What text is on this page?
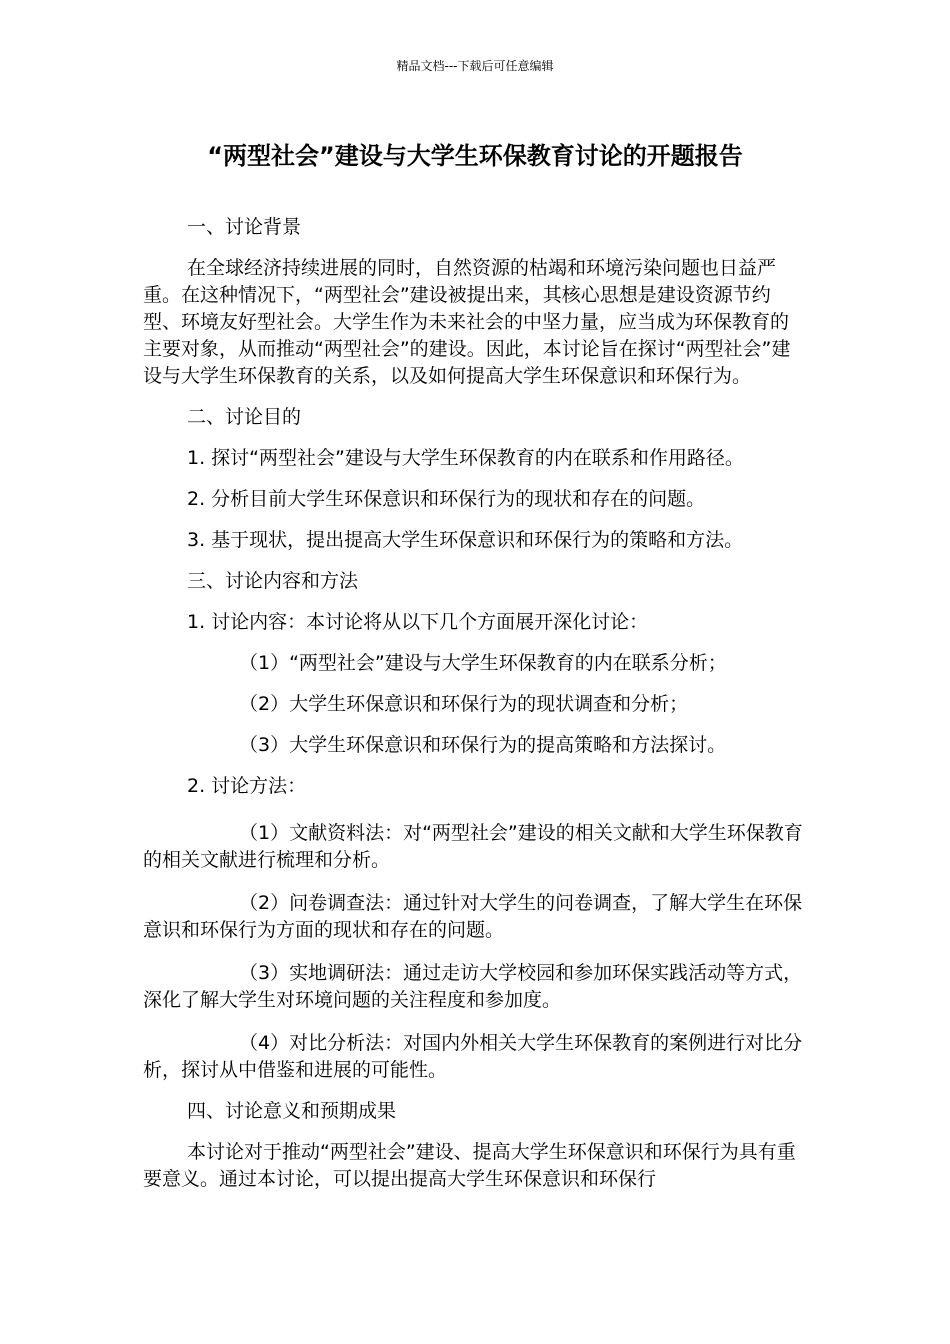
精品文档---下载后可任意编辑
“两型社会”建设与大学生环保教育讨论的开题报告

一、讨论背景

在全球经济持续进展的同时，自然资源的枯竭和环境污染问题也日益严重。在这种情况下，“两型社会”建设被提出来，其核心思想是建设资源节约型、环境友好型社会。大学生作为未来社会的中坚力量，应当成为环保教育的主要对象，从而推动“两型社会”的建设。因此，本讨论旨在探讨“两型社会”建设与大学生环保教育的关系，以及如何提高大学生环保意识和环保行为。

二、讨论目的

1. 探讨“两型社会”建设与大学生环保教育的内在联系和作用路径。

2. 分析目前大学生环保意识和环保行为的现状和存在的问题。

3. 基于现状，提出提高大学生环保意识和环保行为的策略和方法。

三、讨论内容和方法

1. 讨论内容：本讨论将从以下几个方面展开深化讨论：

（1）“两型社会”建设与大学生环保教育的内在联系分析；

（2）大学生环保意识和环保行为的现状调查和分析；

（3）大学生环保意识和环保行为的提高策略和方法探讨。

2. 讨论方法：

（1）文献资料法：对“两型社会”建设的相关文献和大学生环保教育的相关文献进行梳理和分析。

（2）问卷调查法：通过针对大学生的问卷调查，了解大学生在环保意识和环保行为方面的现状和存在的问题。

（3）实地调研法：通过走访大学校园和参加环保实践活动等方式，深化了解大学生对环境问题的关注程度和参加度。

（4）对比分析法：对国内外相关大学生环保教育的案例进行对比分析，探讨从中借鉴和进展的可能性。

四、讨论意义和预期成果

本讨论对于推动“两型社会”建设、提高大学生环保意识和环保行为具有重要意义。通过本讨论，可以提出提高大学生环保意识和环保行
